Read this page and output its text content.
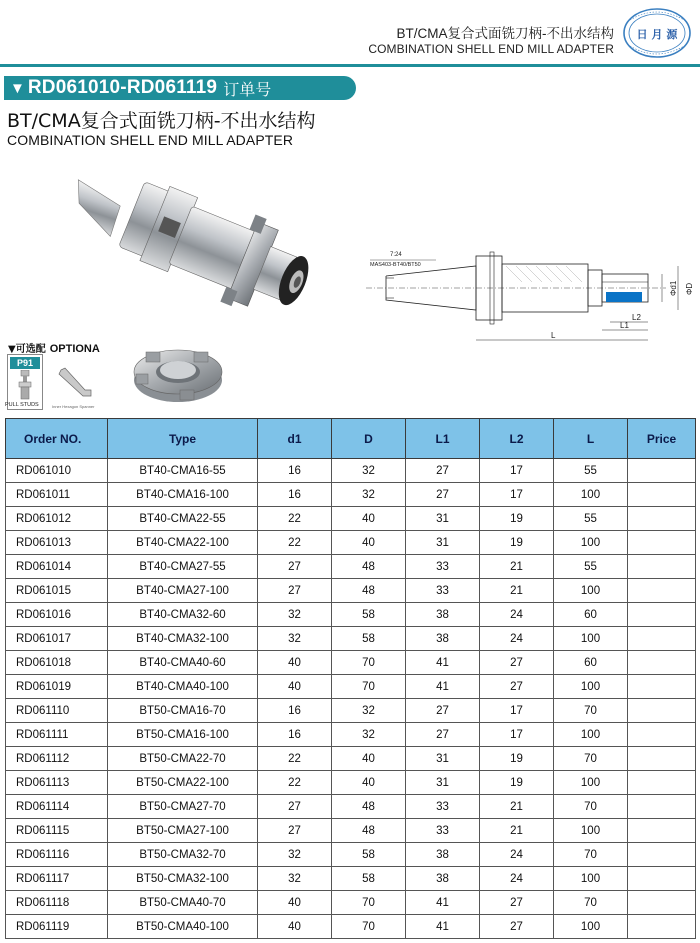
BT/CMA复合式面铣刀柄-不出水结构
COMBINATION SHELL END MILL ADAPTER
日 月 源
▼ RD061010-RD061119 订单号
BT/CMA复合式面铣刀柄-不出水结构
COMBINATION SHELL END MILL ADAPTER
7:24
MAS403-BT40/BT50
Φd1 ΦD
L2
L1
L
▼可选配 OPTIONA
P91
PULL STUDS	Inner Hexagon Spanner
Order NO.	Type	d1	D	L1	L2	L	Price
RD061010	BT40-CMA16-55	16	32	27	17	55	
RD061011	BT40-CMA16-100	16	32	27	17	100	
RD061012	BT40-CMA22-55	22	40	31	19	55	
RD061013	BT40-CMA22-100	22	40	31	19	100	
RD061014	BT40-CMA27-55	27	48	33	21	55	
RD061015	BT40-CMA27-100	27	48	33	21	100	
RD061016	BT40-CMA32-60	32	58	38	24	60	
RD061017	BT40-CMA32-100	32	58	38	24	100	
RD061018	BT40-CMA40-60	40	70	41	27	60	
RD061019	BT40-CMA40-100	40	70	41	27	100	
RD061110	BT50-CMA16-70	16	32	27	17	70	
RD061111	BT50-CMA16-100	16	32	27	17	100	
RD061112	BT50-CMA22-70	22	40	31	19	70	
RD061113	BT50-CMA22-100	22	40	31	19	100	
RD061114	BT50-CMA27-70	27	48	33	21	70	
RD061115	BT50-CMA27-100	27	48	33	21	100	
RD061116	BT50-CMA32-70	32	58	38	24	70	
RD061117	BT50-CMA32-100	32	58	38	24	100	
RD061118	BT50-CMA40-70	40	70	41	27	70	
RD061119	BT50-CMA40-100	40	70	41	27	100	
